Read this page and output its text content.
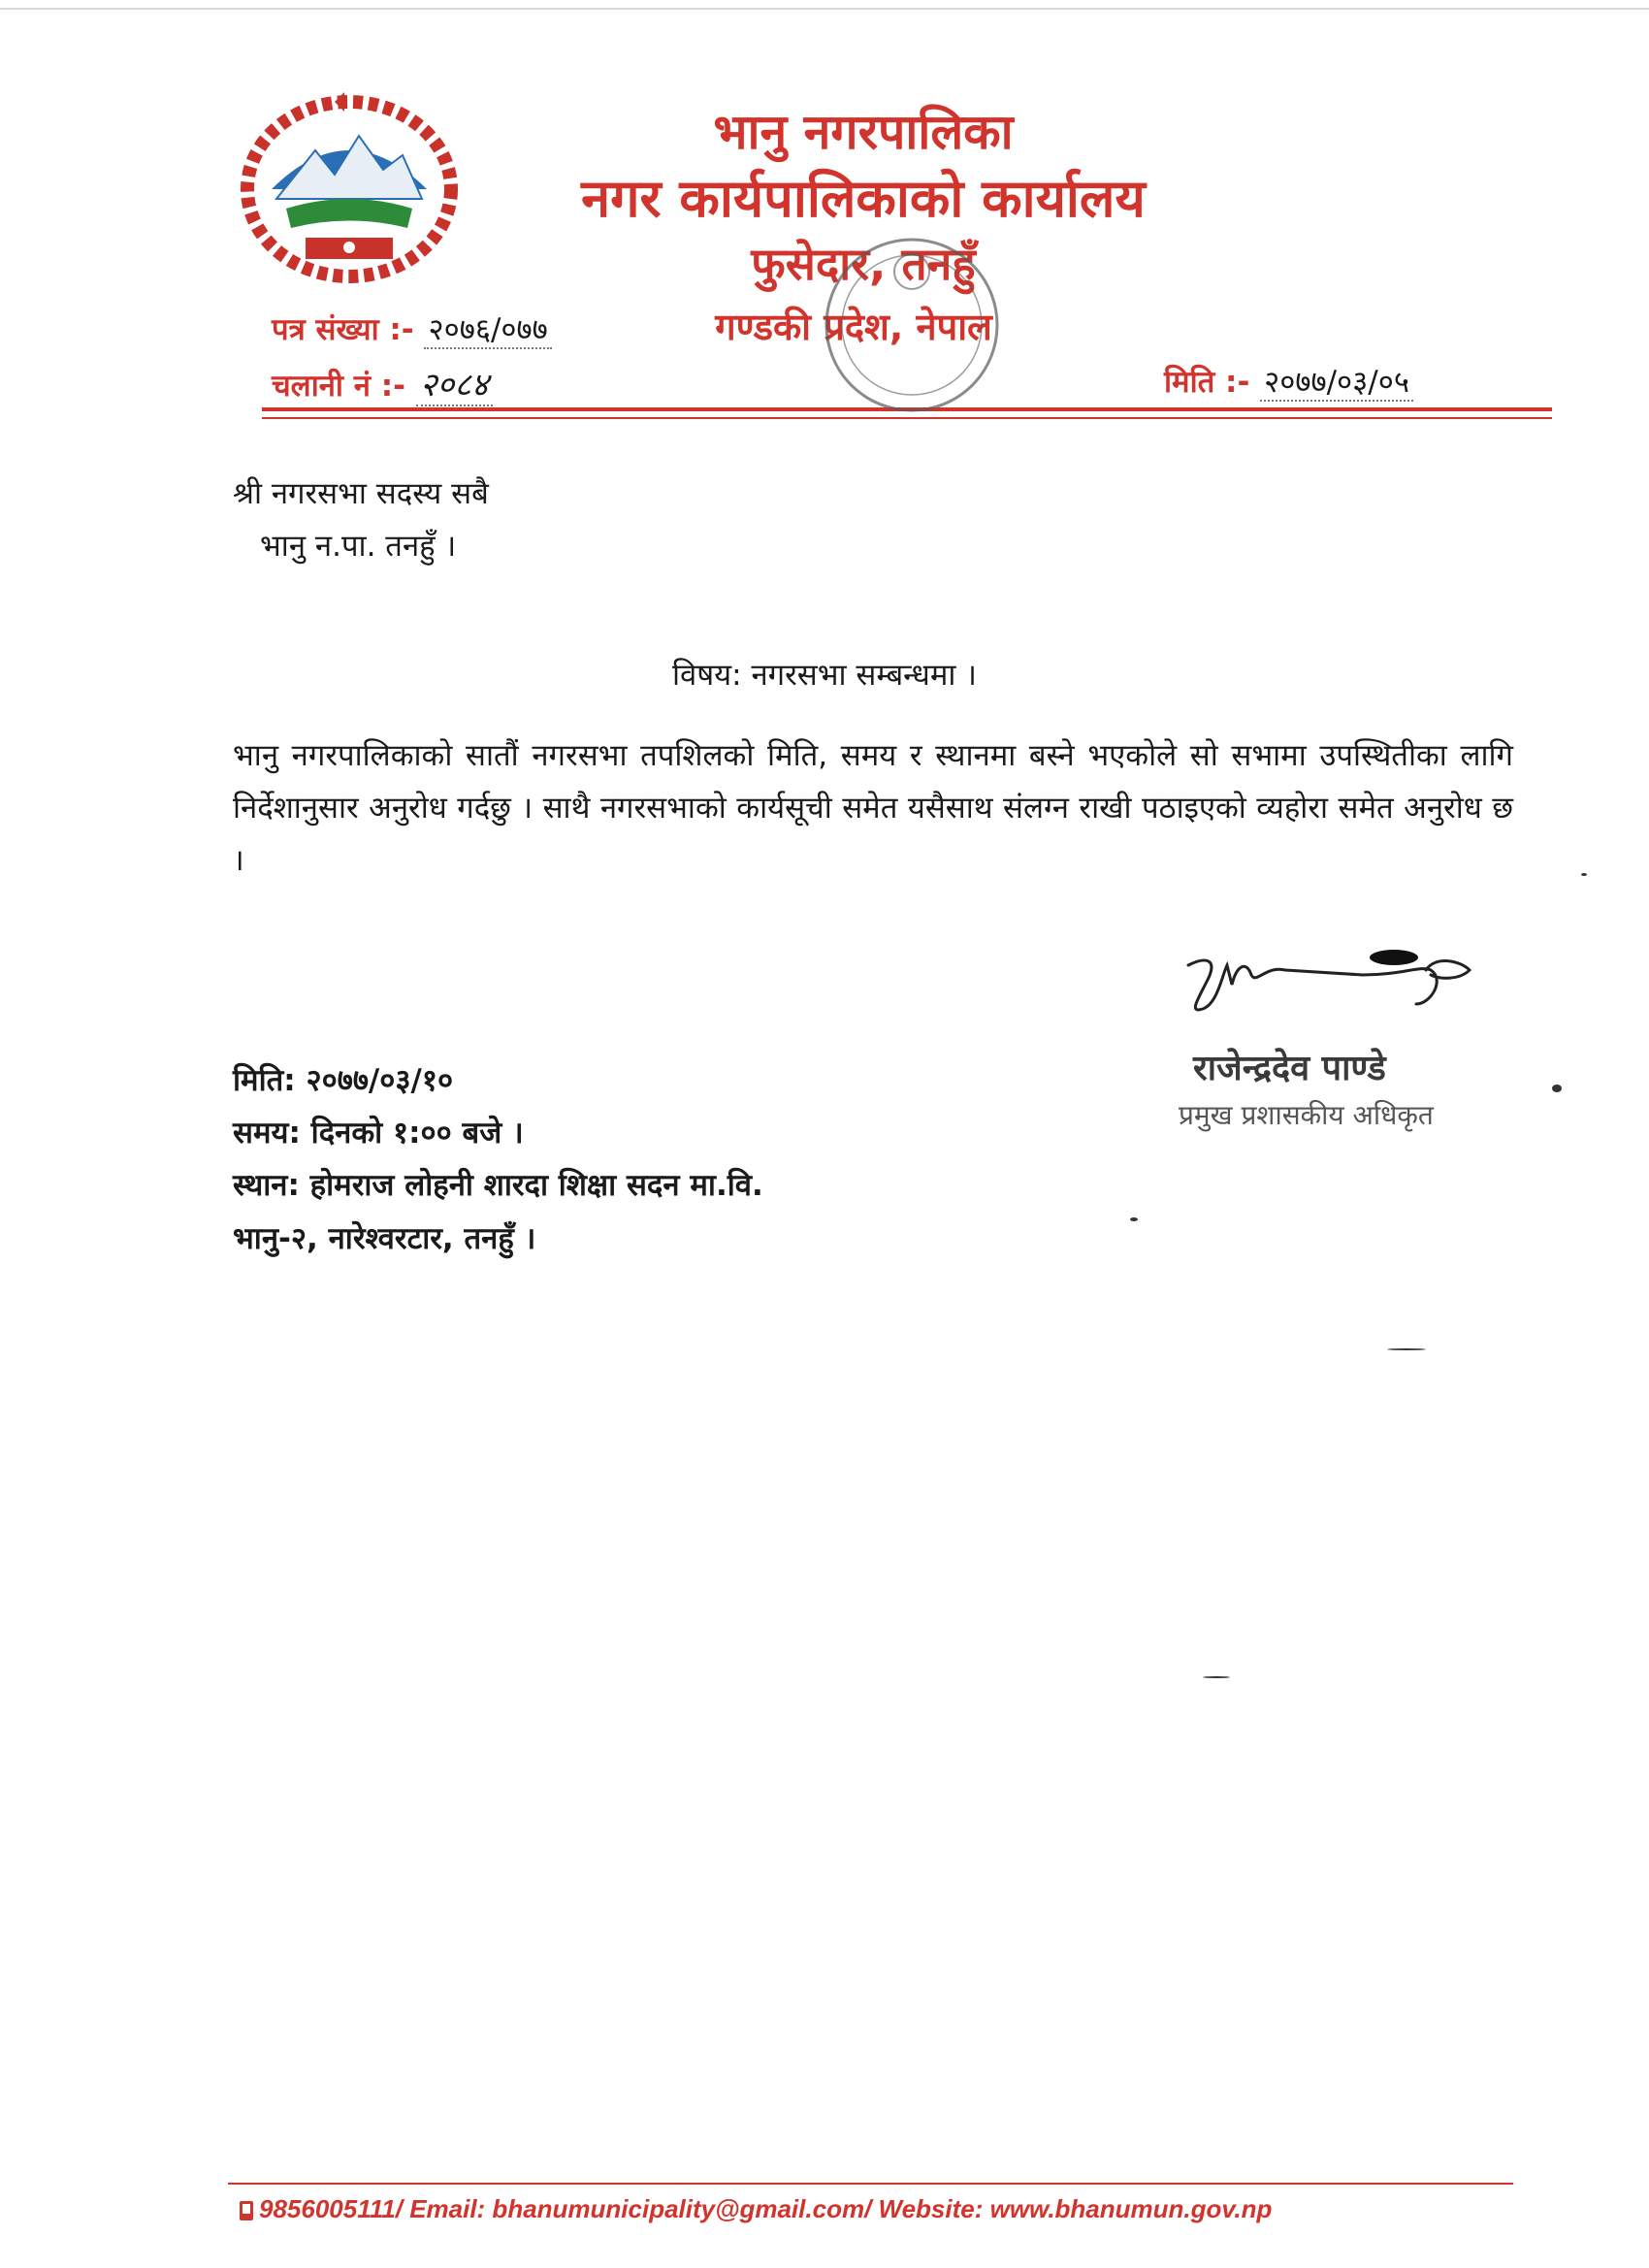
भानु नगरपालिका
नगर कार्यपालिकाको कार्यालय
फुसेदार, तनहुँ
गण्डकी प्रदेश, नेपाल
पत्र संख्या :- २०७६/०७७
चलानी नं :- २०८४	मिति :- २०७७/०३/०५
श्री नगरसभा सदस्य सबै
भानु न.पा. तनहुँ ।
विषय: नगरसभा सम्बन्धमा ।
भानु नगरपालिकाको सातौं नगरसभा तपशिलको मिति, समय र स्थानमा बस्ने भएकोले सो सभामा उपस्थितीका लागि निर्देशानुसार अनुरोध गर्दछु । साथै नगरसभाको कार्यसूची समेत यसैसाथ संलग्न राखी पठाइएको व्यहोरा समेत अनुरोध छ ।
मिति: २०७७/०३/१०
समय: दिनको १:०० बजे ।
स्थान: होमराज लोहनी शारदा शिक्षा सदन मा.वि.
भानु-२, नारेश्वरटार, तनहुँ ।
राजेन्द्रदेव पाण्डे
प्रमुख प्रशासकीय अधिकृत
9856005111/ Email: bhanumunicipality@gmail.com/ Website: www.bhanumun.gov.np
